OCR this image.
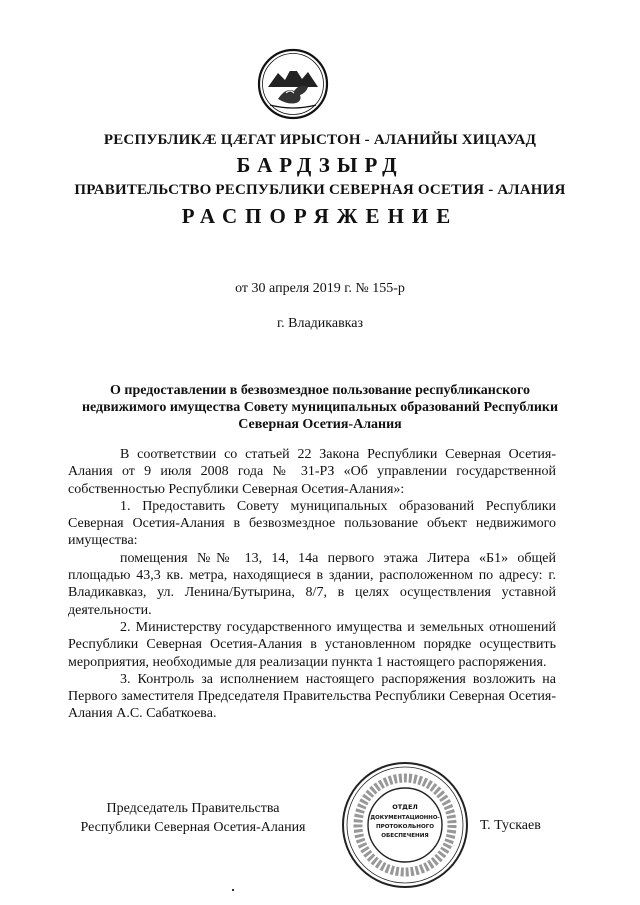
РЕСПУБЛИКӔ ЦӔГАТ ИРЫСТОН - АЛАНИЙЫ ХИЦАУАД
БАРДЗЫРД
ПРАВИТЕЛЬСТВО РЕСПУБЛИКИ СЕВЕРНАЯ ОСЕТИЯ - АЛАНИЯ
РАСПОРЯЖЕНИЕ
от 30 апреля 2019 г. № 155-р
г. Владикавказ
О предоставлении в безвозмездное пользование республиканского недвижимого имущества Совету муниципальных образований Республики Северная Осетия-Алания

В соответствии со статьей 22 Закона Республики Северная Осетия-Алания от 9 июля 2008 года № 31-РЗ «Об управлении государственной собственностью Республики Северная Осетия-Алания»:

1. Предоставить Совету муниципальных образований Республики Северная Осетия-Алания в безвозмездное пользование объект недвижимого имущества:

помещения №№ 13, 14, 14а первого этажа Литера «Б1» общей площадью 43,3 кв. метра, находящиеся в здании, расположенном по адресу: г. Владикавказ, ул. Ленина/Бутырина, 8/7, в целях осуществления уставной деятельности.

2. Министерству государственного имущества и земельных отношений Республики Северная Осетия-Алания в установленном порядке осуществить мероприятия, необходимые для реализации пункта 1 настоящего распоряжения.

3. Контроль за исполнением настоящего распоряжения возложить на Первого заместителя Председателя Правительства Республики Северная Осетия-Алания А.С. Сабаткоева.

Председатель Правительства
Республики Северная Осетия-Алания
ОТДЕЛ
ДОКУМЕНТАЦИОННО-
ПРОТОКОЛЬНОГО
ОБЕСПЕЧЕНИЯ
Т. Тускаев
